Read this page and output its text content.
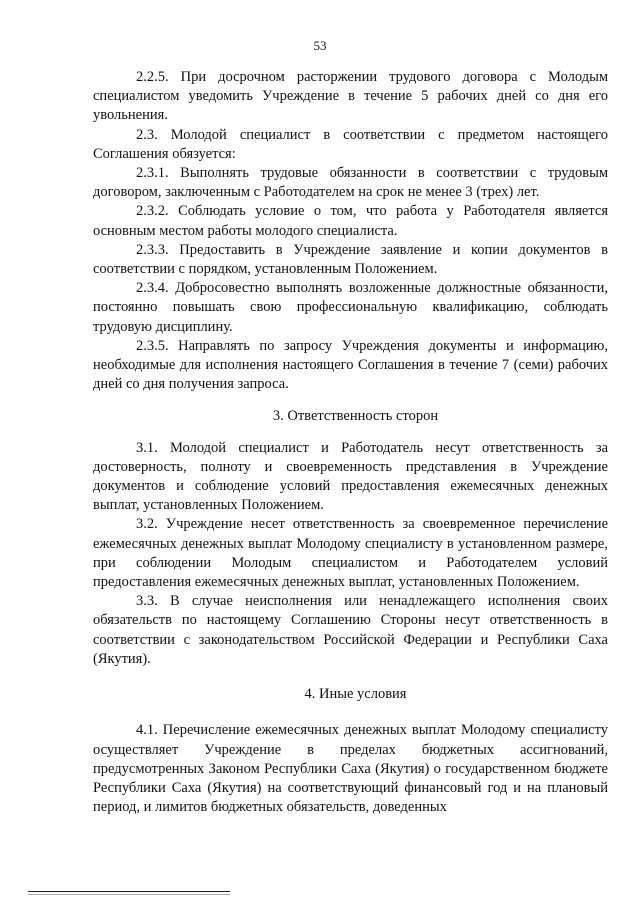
53

2.2.5. При досрочном расторжении трудового договора с Молодым специалистом уведомить Учреждение в течение 5 рабочих дней со дня его увольнения.

2.3. Молодой специалист в соответствии с предметом настоящего Соглашения обязуется:

2.3.1. Выполнять трудовые обязанности в соответствии с трудовым договором, заключенным с Работодателем на срок не менее 3 (трех) лет.

2.3.2. Соблюдать условие о том, что работа у Работодателя является основным местом работы молодого специалиста.

2.3.3. Предоставить в Учреждение заявление и копии документов в соответствии с порядком, установленным Положением.

2.3.4. Добросовестно выполнять возложенные должностные обязанности, постоянно повышать свою профессиональную квалификацию, соблюдать трудовую дисциплину.

2.3.5. Направлять по запросу Учреждения документы и информацию, необходимые для исполнения настоящего Соглашения в течение 7 (семи) рабочих дней со дня получения запроса.

3. Ответственность сторон

3.1. Молодой специалист и Работодатель несут ответственность за достоверность, полноту и своевременность представления в Учреждение документов и соблюдение условий предоставления ежемесячных денежных выплат, установленных Положением.

3.2. Учреждение несет ответственность за своевременное перечисление ежемесячных денежных выплат Молодому специалисту в установленном размере, при соблюдении Молодым специалистом и Работодателем условий предоставления ежемесячных денежных выплат, установленных Положением.

3.3. В случае неисполнения или ненадлежащего исполнения своих обязательств по настоящему Соглашению Стороны несут ответственность в соответствии с законодательством Российской Федерации и Республики Саха (Якутия).

4. Иные условия

4.1. Перечисление ежемесячных денежных выплат Молодому специалисту осуществляет Учреждение в пределах бюджетных ассигнований, предусмотренных Законом Республики Саха (Якутия) о государственном бюджете Республики Саха (Якутия) на соответствующий финансовый год и на плановый период, и лимитов бюджетных обязательств, доведенных
